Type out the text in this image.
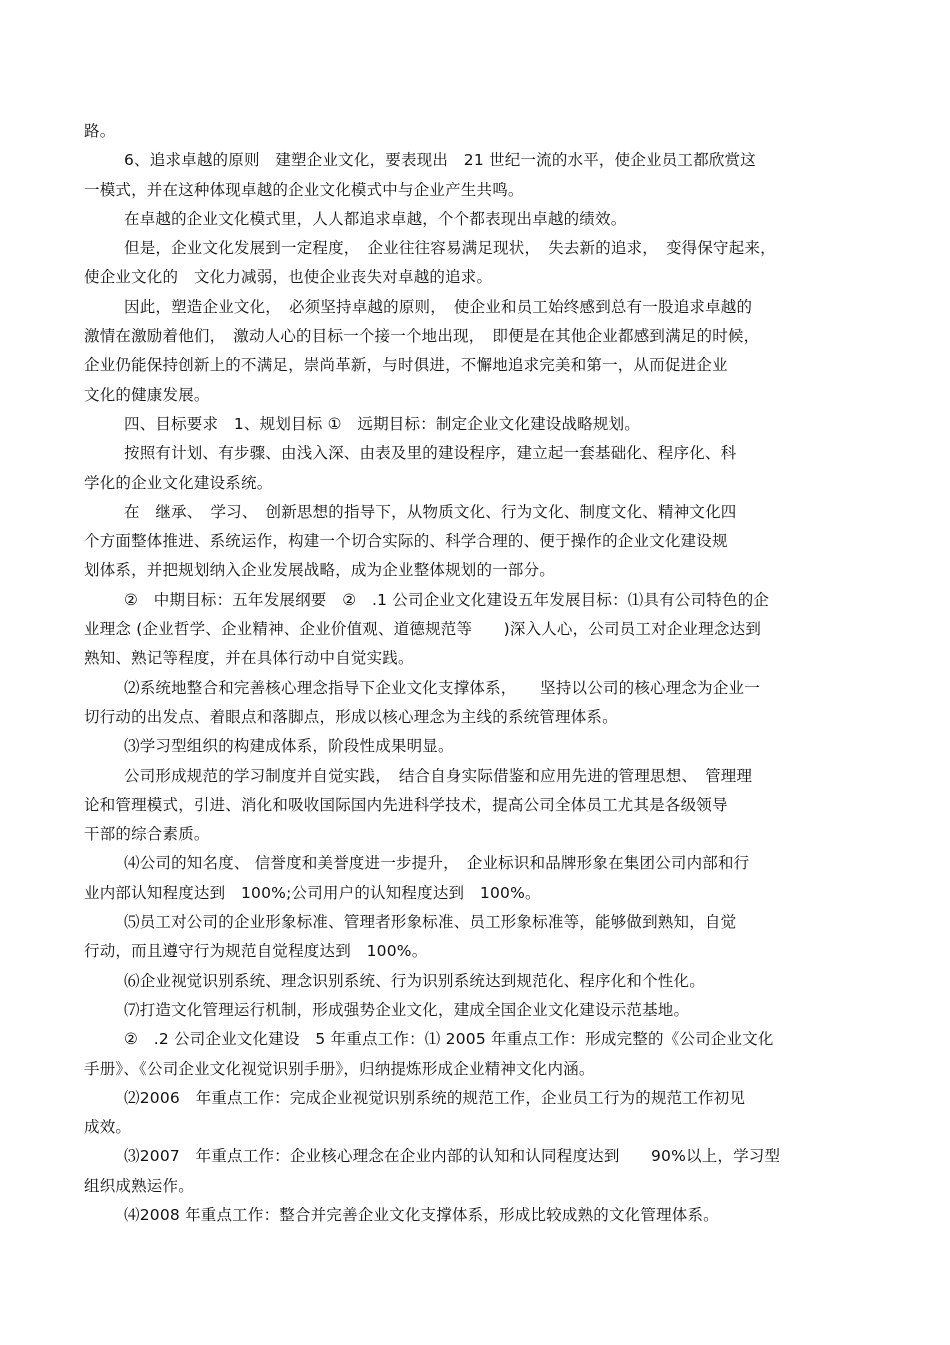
路。
6、追求卓越的原则　建塑企业文化，要表现出　21 世纪一流的水平，使企业员工都欣赏这
一模式，并在这种体现卓越的企业文化模式中与企业产生共鸣。
在卓越的企业文化模式里，人人都追求卓越，个个都表现出卓越的绩效。
但是，企业文化发展到一定程度，　企业往往容易满足现状，　失去新的追求，　变得保守起来，
使企业文化的　文化力减弱，也使企业丧失对卓越的追求。
因此，塑造企业文化，　必须坚持卓越的原则，　使企业和员工始终感到总有一股追求卓越的
激情在激励着他们，　激动人心的目标一个接一个地出现，　即便是在其他企业都感到满足的时候，
企业仍能保持创新上的不满足，崇尚革新，与时俱进，不懈地追求完美和第一，从而促进企业
文化的健康发展。
四、目标要求　1、规划目标 ①　远期目标：制定企业文化建设战略规划。
按照有计划、有步骤、由浅入深、由表及里的建设程序，建立起一套基础化、程序化、科
学化的企业文化建设系统。
在　继承、　学习、　创新思想的指导下，从物质文化、行为文化、制度文化、精神文化四
个方面整体推进、系统运作，构建一个切合实际的、科学合理的、便于操作的企业文化建设规
划体系，并把规划纳入企业发展战略，成为企业整体规划的一部分。
②　中期目标：五年发展纲要　②　.1 公司企业文化建设五年发展目标：⑴具有公司特色的企
业理念 (企业哲学、企业精神、企业价值观、道德规范等　　)深入人心，公司员工对企业理念达到
熟知、熟记等程度，并在具体行动中自觉实践。
⑵系统地整合和完善核心理念指导下企业文化支撑体系，　　坚持以公司的核心理念为企业一
切行动的出发点、着眼点和落脚点，形成以核心理念为主线的系统管理体系。
⑶学习型组织的构建成体系，阶段性成果明显。
公司形成规范的学习制度并自觉实践，　结合自身实际借鉴和应用先进的管理思想、　管理理
论和管理模式，引进、消化和吸收国际国内先进科学技术，提高公司全体员工尤其是各级领导
干部的综合素质。
⑷公司的知名度、 信誉度和美誉度进一步提升，　企业标识和品牌形象在集团公司内部和行
业内部认知程度达到　100%;公司用户的认知程度达到　100%。
⑸员工对公司的企业形象标准、管理者形象标准、员工形象标准等，能够做到熟知，自觉
行动，而且遵守行为规范自觉程度达到　100%。
⑹企业视觉识别系统、理念识别系统、行为识别系统达到规范化、程序化和个性化。
⑺打造文化管理运行机制，形成强势企业文化，建成全国企业文化建设示范基地。
②　.2 公司企业文化建设　5 年重点工作：⑴ 2005 年重点工作：形成完整的《公司企业文化
手册》、《公司企业文化视觉识别手册》，归纳提炼形成企业精神文化内涵。
⑵2006　年重点工作：完成企业视觉识别系统的规范工作，企业员工行为的规范工作初见
成效。
⑶2007　年重点工作：企业核心理念在企业内部的认知和认同程度达到　　90%以上，学习型
组织成熟运作。
⑷2008 年重点工作：整合并完善企业文化支撑体系，形成比较成熟的文化管理体系。
